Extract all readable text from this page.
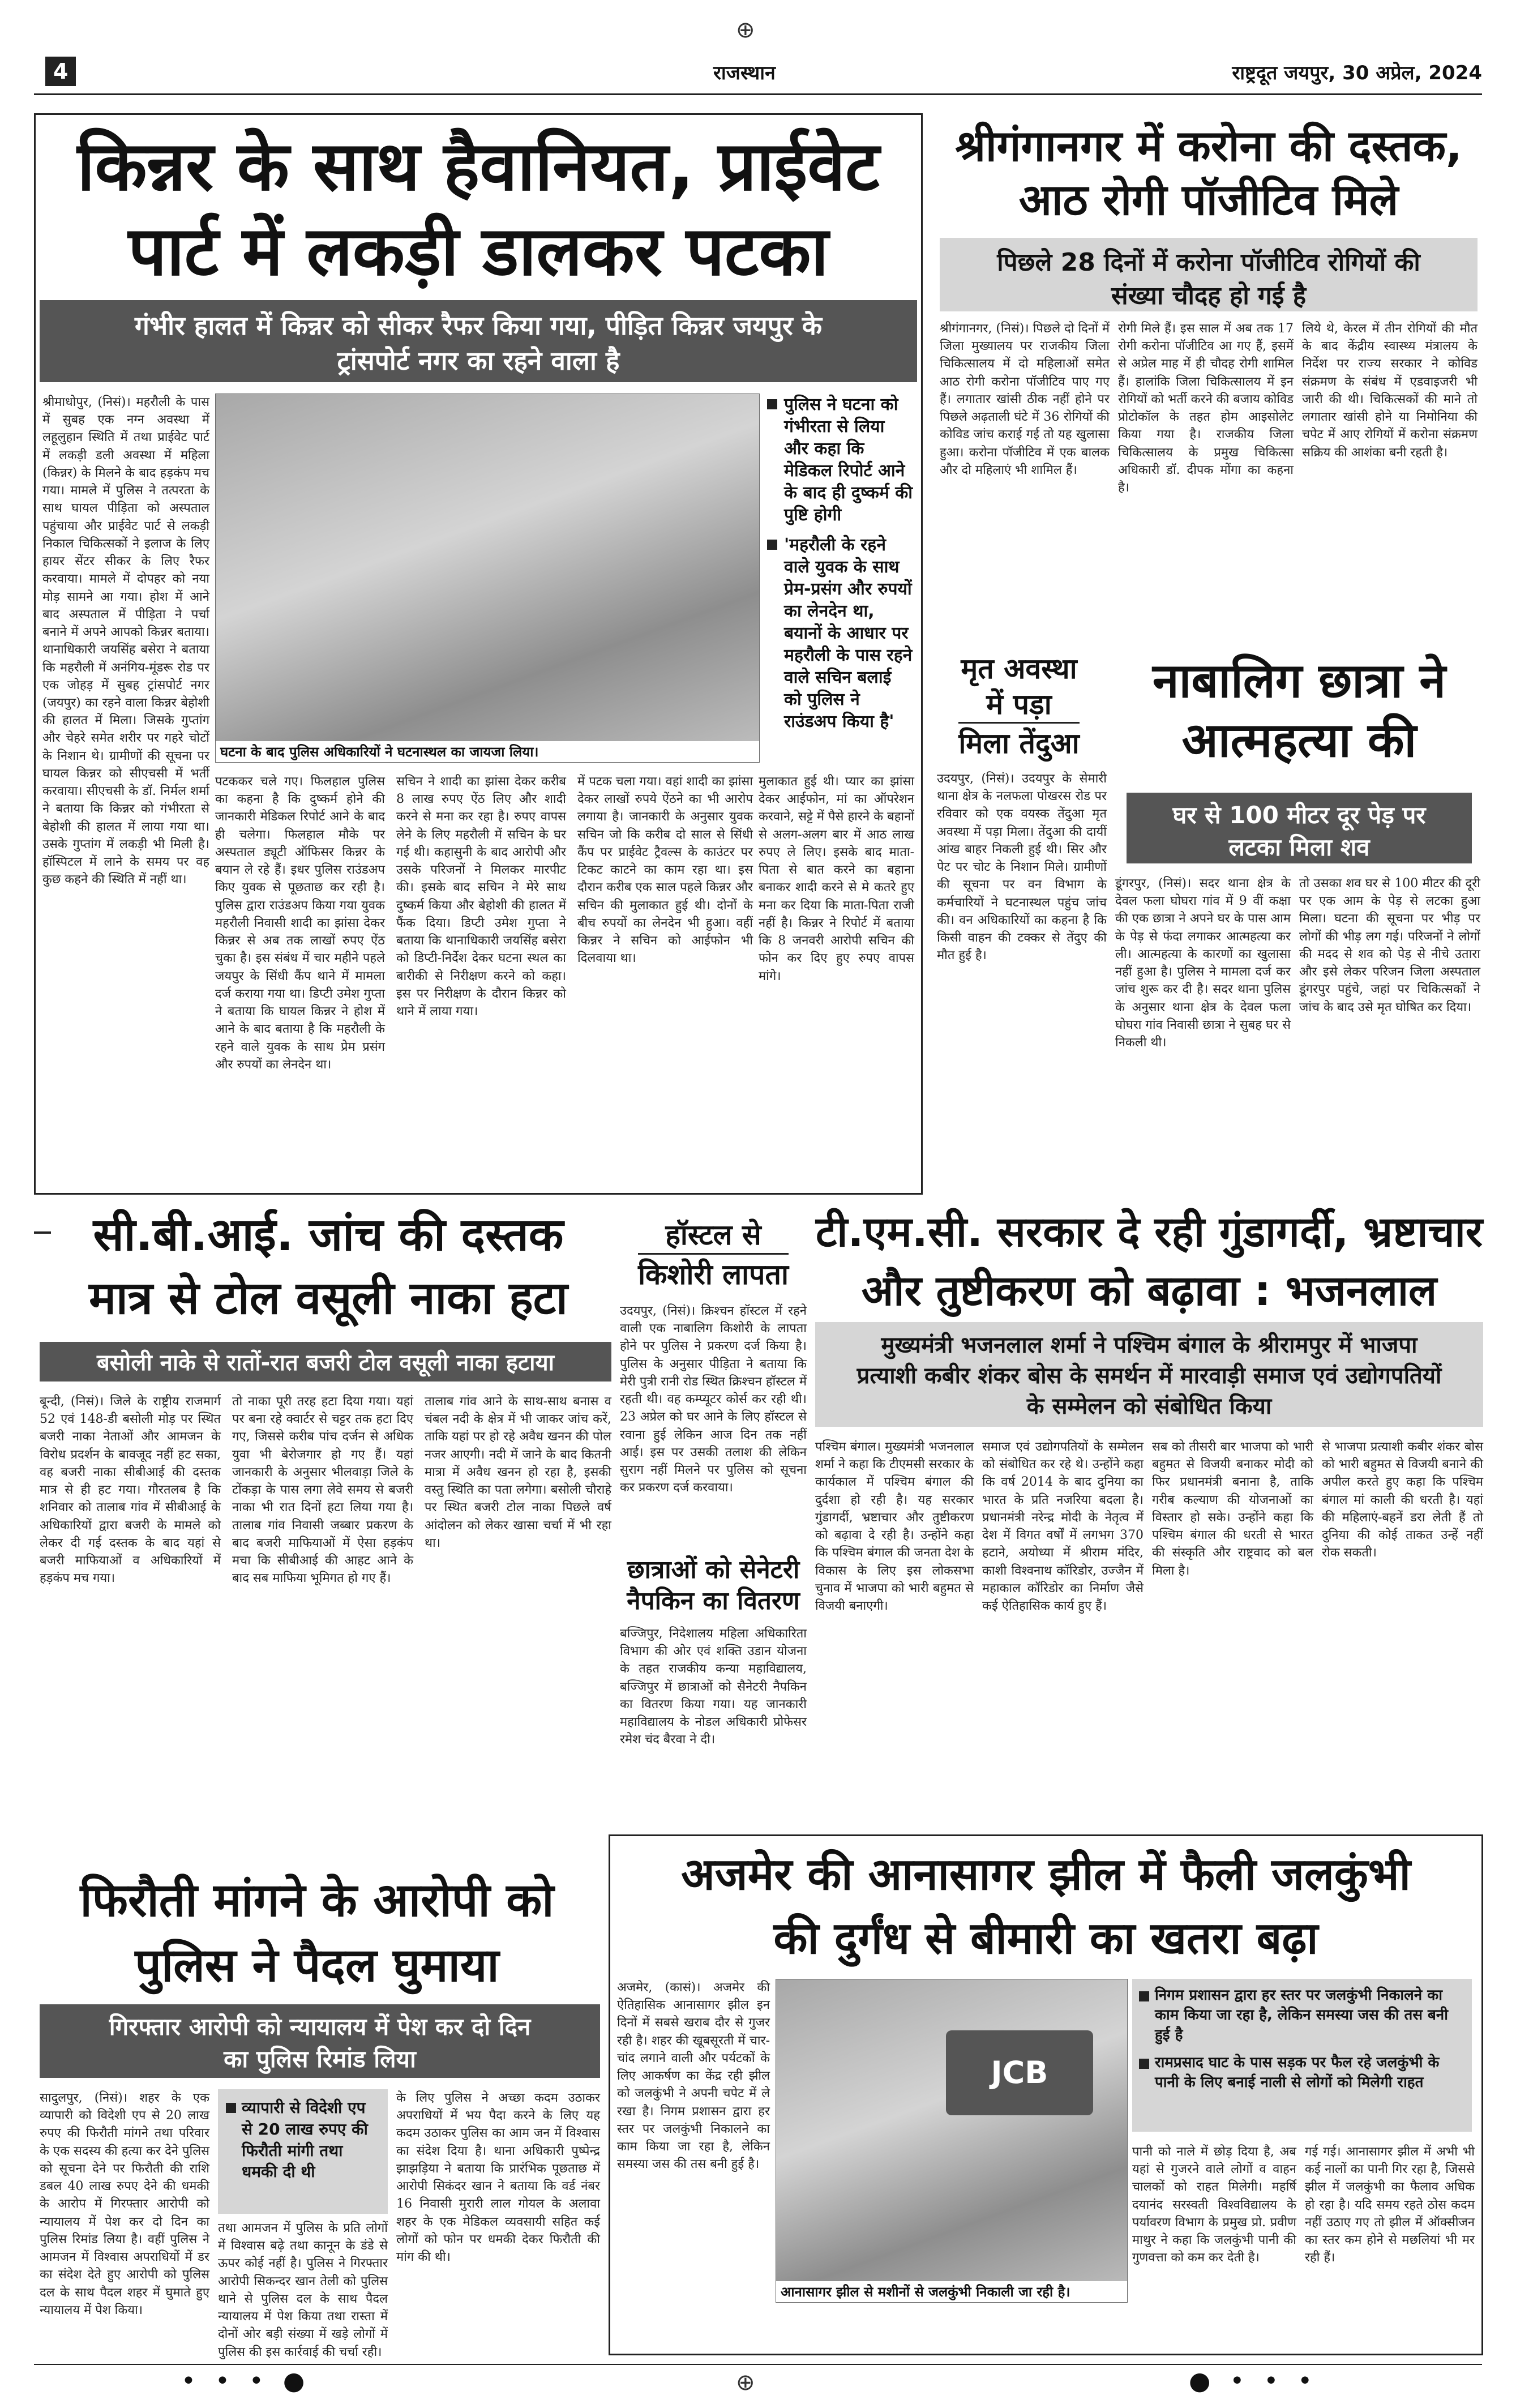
4	राजस्थान	राष्ट्रदूत जयपुर, 30 अप्रेल, 2024
⊕
किन्नर के साथ हैवानियत, प्राईवेट
पार्ट में लकड़ी डालकर पटका
गंभीर हालत में किन्नर को सीकर रैफर किया गया, पीड़ित किन्नर जयपुर के ट्रांसपोर्ट नगर का रहने वाला है
घटना के बाद पुलिस अधिकारियों ने घटनास्थल का जायजा लिया।
पुलिस ने घटना को गंभीरता से लिया और कहा कि मेडिकल रिपोर्ट आने के बाद ही दुष्कर्म की पुष्टि होगी
'महरौली के रहने वाले युवक के साथ प्रेम-प्रसंग और रुपयों का लेनदेन था, बयानों के आधार पर महरौली के पास रहने वाले सचिन बलाई को पुलिस ने राउंडअप किया है'
श्रीमाधोपुर, (निसं)। महरौली के पास में सुबह एक नग्न अवस्था में लहूलुहान स्थिति में तथा प्राईवेट पार्ट में लकड़ी डली अवस्था में महिला (किन्नर) के मिलने के बाद हड़कंप मच गया। मामले में पुलिस ने तत्परता के साथ घायल पीड़िता को अस्पताल पहुंचाया और प्राईवेट पार्ट से लकड़ी निकाल चिकित्सकों ने इलाज के लिए हायर सेंटर सीकर के लिए रैफर करवाया। मामले में दोपहर को नया मोड़ सामने आ गया। होश में आने बाद अस्पताल में पीड़िता ने पर्चा बनाने में अपने आपको किन्नर बताया। थानाधिकारी जयसिंह बसेरा ने बताया कि महरौली में अनंगिय-मूंडरू रोड पर एक जोहड़ में सुबह ट्रांसपोर्ट नगर (जयपुर) का रहने वाला किन्नर बेहोशी की हालत में मिला। जिसके गुप्तांग और चेहरे समेत शरीर पर गहरे चोटों के निशान थे। ग्रामीणों की सूचना पर घायल किन्नर को सीएचसी में भर्ती करवाया। सीएचसी के डॉ. निर्मल शर्मा ने बताया कि किन्नर को गंभीरता से बेहोशी की हालत में लाया गया था। उसके गुप्तांग में लकड़ी भी मिली है। हॉस्पिटल में लाने के समय पर वह कुछ कहने की स्थिति में नहीं था।
पटककर चले गए। फिलहाल पुलिस का कहना है कि दुष्कर्म होने की जानकारी मेडिकल रिपोर्ट आने के बाद ही चलेगा। फिलहाल मौके पर अस्पताल ड्यूटी ऑफिसर किन्नर के बयान ले रहे हैं। इधर पुलिस राउंडअप किए युवक से पूछताछ कर रही है। पुलिस द्वारा राउंडअप किया गया युवक महरौली निवासी शादी का झांसा देकर किन्नर से अब तक लाखों रुपए ऐंठ चुका है। इस संबंध में चार महीने पहले जयपुर के सिंधी कैंप थाने में मामला दर्ज कराया गया था। डिप्टी उमेश गुप्ता ने बताया कि घायल किन्नर ने होश में आने के बाद बताया है कि महरौली के रहने वाले युवक के साथ प्रेम प्रसंग और रुपयों का लेनदेन था।
सचिन ने शादी का झांसा देकर करीब 8 लाख रुपए ऐंठ लिए और शादी करने से मना कर रहा है। रुपए वापस लेने के लिए महरौली में सचिन के घर गई थी। कहासुनी के बाद आरोपी और उसके परिजनों ने मिलकर मारपीट की। इसके बाद सचिन ने मेरे साथ दुष्कर्म किया और बेहोशी की हालत में फैंक दिया। डिप्टी उमेश गुप्ता ने बताया कि थानाधिकारी जयसिंह बसेरा को डिप्टी-निर्देश देकर घटना स्थल का बारीकी से निरीक्षण करने को कहा। इस पर निरीक्षण के दौरान किन्नर को थाने में लाया गया।
में पटक चला गया। वहां शादी का झांसा देकर लाखों रुपये ऐंठने का भी आरोप लगाया है। जानकारी के अनुसार युवक सचिन जो कि करीब दो साल से सिंधी कैंप पर प्राईवेट ट्रैवल्स के काउंटर पर टिकट काटने का काम रहा था। इस दौरान करीब एक साल पहले किन्नर और सचिन की मुलाकात हुई थी। दोनों के बीच रुपयों का लेनदेन भी हुआ। वहीं किन्नर ने सचिन को आईफोन भी दिलवाया था।
मुलाकात हुई थी। प्यार का झांसा देकर आईफोन, मां का ऑपरेशन करवाने, सट्टे में पैसे हारने के बहानों से अलग-अलग बार में आठ लाख रुपए ले लिए। इसके बाद माता-पिता से बात करने का बहाना बनाकर शादी करने से मे कतरे हुए मना कर दिया कि माता-पिता राजी नहीं है। किन्नर ने रिपोर्ट में बताया कि 8 जनवरी आरोपी सचिन की फोन कर दिए हुए रुपए वापस मांगे।
श्रीगंगानगर में करोना की दस्तक,
आठ रोगी पॉजीटिव मिले
पिछले 28 दिनों में करोना पॉजीटिव रोगियों की संख्या चौदह हो गई है
श्रीगंगानगर, (निसं)। पिछले दो दिनों में जिला मुख्यालय पर राजकीय जिला चिकित्सालय में दो महिलाओं समेत आठ रोगी करोना पॉजीटिव पाए गए हैं। लगातार खांसी ठीक नहीं होने पर पिछले अढ़ताली घंटे में 36 रोगियों की कोविड जांच कराई गई तो यह खुलासा हुआ। करोना पॉजीटिव में एक बालक और दो महिलाएं भी शामिल हैं।
रोगी मिले हैं। इस साल में अब तक 17 रोगी करोना पॉजीटिव आ गए हैं, इसमें से अप्रेल माह में ही चौदह रोगी शामिल हैं। हालांकि जिला चिकित्सालय में इन रोगियों को भर्ती करने की बजाय कोविड प्रोटोकॉल के तहत होम आइसोलेट किया गया है। राजकीय जिला चिकित्सालय के प्रमुख चिकित्सा अधिकारी डॉ. दीपक मोंगा का कहना है।
लिये थे, केरल में तीन रोगियों की मौत के बाद केंद्रीय स्वास्थ्य मंत्रालय के निर्देश पर राज्य सरकार ने कोविड संक्रमण के संबंध में एडवाइजरी भी जारी की थी। चिकित्सकों की माने तो लगातार खांसी होने या निमोनिया की चपेट में आए रोगियों में करोना संक्रमण सक्रिय की आशंका बनी रहती है।
मृत अवस्था
में पड़ा
मिला तेंदुआ
उदयपुर, (निसं)। उदयपुर के सेमारी थाना क्षेत्र के नलफला पोखरस रोड पर रविवार को एक वयस्क तेंदुआ मृत अवस्था में पड़ा मिला। तेंदुआ की दायीं आंख बाहर निकली हुई थी। सिर और पेट पर चोट के निशान मिले। ग्रामीणों की सूचना पर वन विभाग के कर्मचारियों ने घटनास्थल पहुंच जांच की। वन अधिकारियों का कहना है कि किसी वाहन की टक्कर से तेंदुए की मौत हुई है।
नाबालिग छात्रा ने
आत्महत्या की
घर से 100 मीटर दूर पेड़ पर लटका मिला शव
डूंगरपुर, (निसं)। सदर थाना क्षेत्र के देवल फला घोघरा गांव में 9 वीं कक्षा की एक छात्रा ने अपने घर के पास आम के पेड़ से फंदा लगाकर आत्महत्या कर ली। आत्महत्या के कारणों का खुलासा नहीं हुआ है। पुलिस ने मामला दर्ज कर जांच शुरू कर दी है। सदर थाना पुलिस के अनुसार थाना क्षेत्र के देवल फला घोघरा गांव निवासी छात्रा ने सुबह घर से निकली थी।
तो उसका शव घर से 100 मीटर की दूरी पर एक आम के पेड़ से लटका हुआ मिला। घटना की सूचना पर भीड़ पर लोगों की भीड़ लग गई। परिजनों ने लोगों की मदद से शव को पेड़ से नीचे उतारा और इसे लेकर परिजन जिला अस्पताल डूंगरपुर पहुंचे, जहां पर चिकित्सकों ने जांच के बाद उसे मृत घोषित कर दिया।
सी.बी.आई. जांच की दस्तक
मात्र से टोल वसूली नाका हटा
बसोली नाके से रातों-रात बजरी टोल वसूली नाका हटाया
बून्दी, (निसं)। जिले के राष्ट्रीय राजमार्ग 52 एवं 148-डी बसोली मोड़ पर स्थित बजरी नाका नेताओं और आमजन के विरोध प्रदर्शन के बावजूद नहीं हट सका, वह बजरी नाका सीबीआई की दस्तक मात्र से ही हट गया। गौरतलब है कि शनिवार को तालाब गांव में सीबीआई के अधिकारियों द्वारा बजरी के मामले को लेकर दी गई दस्तक के बाद यहां से बजरी माफियाओं व अधिकारियों में हड़कंप मच गया।
तो नाका पूरी तरह हटा दिया गया। यहां पर बना रहे क्वार्टर से चट्टर तक हटा दिए गए, जिससे करीब पांच दर्जन से अधिक युवा भी बेरोजगार हो गए हैं। यहां जानकारी के अनुसार भीलवाड़ा जिले के टोंकड़ा के पास लगा लेवे समय से बजरी नाका भी रात दिनों हटा लिया गया है। तालाब गांव निवासी जब्बार प्रकरण के बाद बजरी माफियाओं में ऐसा हड़कंप मचा कि सीबीआई की आहट आने के बाद सब माफिया भूमिगत हो गए हैं।
तालाब गांव आने के साथ-साथ बनास व चंबल नदी के क्षेत्र में भी जाकर जांच करें, ताकि यहां पर हो रहे अवैध खनन की पोल नजर आएगी। नदी में जाने के बाद कितनी मात्रा में अवैध खनन हो रहा है, इसकी वस्तु स्थिति का पता लगेगा। बसोली चौराहे पर स्थित बजरी टोल नाका पिछले वर्ष आंदोलन को लेकर खासा चर्चा में भी रहा था।
हॉस्टल से
किशोरी लापता
उदयपुर, (निसं)। क्रिश्चन हॉस्टल में रहने वाली एक नाबालिग किशोरी के लापता होने पर पुलिस ने प्रकरण दर्ज किया है। पुलिस के अनुसार पीड़िता ने बताया कि मेरी पुत्री रानी रोड स्थित क्रिश्चन हॉस्टल में रहती थी। वह कम्प्यूटर कोर्स कर रही थी। 23 अप्रेल को घर आने के लिए हॉस्टल से रवाना हुई लेकिन आज दिन तक नहीं आई। इस पर उसकी तलाश की लेकिन सुराग नहीं मिलने पर पुलिस को सूचना कर प्रकरण दर्ज करवाया।
छात्राओं को सेनेटरी
नैपकिन का वितरण
बज्जिपुर, निदेशालय महिला अधिकारिता विभाग की ओर एवं शक्ति उडान योजना के तहत राजकीय कन्या महाविद्यालय, बज्जिपुर में छात्राओं को सैनेटरी नैपकिन का वितरण किया गया। यह जानकारी महाविद्यालय के नोडल अधिकारी प्रोफेसर रमेश चंद बैरवा ने दी।
टी.एम.सी. सरकार दे रही गुंडागर्दी, भ्रष्टाचार
और तुष्टीकरण को बढ़ावा : भजनलाल
मुख्यमंत्री भजनलाल शर्मा ने पश्चिम बंगाल के श्रीरामपुर में भाजपा प्रत्याशी कबीर शंकर बोस के समर्थन में मारवाड़ी समाज एवं उद्योगपतियों के सम्मेलन को संबोधित किया
पश्चिम बंगाल। मुख्यमंत्री भजनलाल शर्मा ने कहा कि टीएमसी सरकार के कार्यकाल में पश्चिम बंगाल की दुर्दशा हो रही है। यह सरकार गुंडागर्दी, भ्रष्टाचार और तुष्टीकरण को बढ़ावा दे रही है। उन्होंने कहा कि पश्चिम बंगाल की जनता देश के विकास के लिए इस लोकसभा चुनाव में भाजपा को भारी बहुमत से विजयी बनाएगी।
समाज एवं उद्योगपतियों के सम्मेलन को संबोधित कर रहे थे। उन्होंने कहा कि वर्ष 2014 के बाद दुनिया का भारत के प्रति नजरिया बदला है। प्रधानमंत्री नरेन्द्र मोदी के नेतृत्व में देश में विगत वर्षों में लगभग 370 हटाने, अयोध्या में श्रीराम मंदिर, काशी विश्वनाथ कॉरिडोर, उज्जैन में महाकाल कॉरिडोर का निर्माण जैसे कई ऐतिहासिक कार्य हुए हैं।
सब को तीसरी बार भाजपा को भारी बहुमत से विजयी बनाकर मोदी को फिर प्रधानमंत्री बनाना है, ताकि गरीब कल्याण की योजनाओं का विस्तार हो सके। उन्होंने कहा कि पश्चिम बंगाल की धरती से भारत की संस्कृति और राष्ट्रवाद को बल मिला है।
से भाजपा प्रत्याशी कबीर शंकर बोस को भारी बहुमत से विजयी बनाने की अपील करते हुए कहा कि पश्चिम बंगाल मां काली की धरती है। यहां की महिलाएं-बहनें डरा लेती हैं तो दुनिया की कोई ताकत उन्हें नहीं रोक सकती।
फिरौती मांगने के आरोपी को
पुलिस ने पैदल घुमाया
गिरफ्तार आरोपी को न्यायालय में पेश कर दो दिन का पुलिस रिमांड लिया
व्यापारी से विदेशी एप से 20 लाख रुपए की फिरौती मांगी तथा धमकी दी थी
सादुलपुर, (निसं)। शहर के एक व्यापारी को विदेशी एप से 20 लाख रुपए की फिरौती मांगने तथा परिवार के एक सदस्य की हत्या कर देने पुलिस को सूचना देने पर फिरौती की राशि डबल 40 लाख रुपए देने की धमकी के आरोप में गिरफ्तार आरोपी को न्यायालय में पेश कर दो दिन का पुलिस रिमांड लिया है। वहीं पुलिस ने आमजन में विश्वास अपराधियों में डर का संदेश देते हुए आरोपी को पुलिस दल के साथ पैदल शहर में घुमाते हुए न्यायालय में पेश किया।
तथा आमजन में पुलिस के प्रति लोगों में विश्वास बढ़े तथा कानून के डंडे से ऊपर कोई नहीं है। पुलिस ने गिरफ्तार आरोपी सिकन्दर खान तेली को पुलिस थाने से पुलिस दल के साथ पैदल न्यायालय में पेश किया तथा रास्ता में दोनों ओर बड़ी संख्या में खड़े लोगों में पुलिस की इस कार्रवाई की चर्चा रही।
के लिए पुलिस ने अच्छा कदम उठाकर अपराधियों में भय पैदा करने के लिए यह कदम उठाकर पुलिस का आम जन में विश्वास का संदेश दिया है। थाना अधिकारी पुष्पेन्द्र झाझड़िया ने बताया कि प्रारंभिक पूछताछ में आरोपी सिकंदर खान ने बताया कि वर्ड नंबर 16 निवासी मुरारी लाल गोयल के अलावा शहर के एक मेडिकल व्यवसायी सहित कई लोगों को फोन पर धमकी देकर फिरौती की मांग की थी।
अजमेर की आनासागर झील में फैली जलकुंभी
की दुर्गंध से बीमारी का खतरा बढ़ा
JCB
आनासागर झील से मशीनों से जलकुंभी निकाली जा रही है।
निगम प्रशासन द्वारा हर स्तर पर जलकुंभी निकालने का काम किया जा रहा है, लेकिन समस्या जस की तस बनी हुई है
रामप्रसाद घाट के पास सड़क पर फैल रहे जलकुंभी के पानी के लिए बनाई नाली से लोगों को मिलेगी राहत
अजमेर, (कासं)। अजमेर की ऐतिहासिक आनासागर झील इन दिनों में सबसे खराब दौर से गुजर रही है। शहर की खूबसूरती में चार-चांद लगाने वाली और पर्यटकों के लिए आकर्षण का केंद्र रही झील को जलकुंभी ने अपनी चपेट में ले रखा है। निगम प्रशासन द्वारा हर स्तर पर जलकुंभी निकालने का काम किया जा रहा है, लेकिन समस्या जस की तस बनी हुई है।
पानी को नाले में छोड़ दिया है, अब यहां से गुजरने वाले लोगों व वाहन चालकों को राहत मिलेगी। महर्षि दयानंद सरस्वती विश्वविद्यालय के पर्यावरण विभाग के प्रमुख प्रो. प्रवीण माथुर ने कहा कि जलकुंभी पानी की गुणवत्ता को कम कर देती है।
गई गई। आनासागर झील में अभी भी कई नालों का पानी गिर रहा है, जिससे झील में जलकुंभी का फैलाव अधिक हो रहा है। यदि समय रहते ठोस कदम नहीं उठाए गए तो झील में ऑक्सीजन का स्तर कम होने से मछलियां भी मर रही हैं।
• • • ●	⊕	● • • •
